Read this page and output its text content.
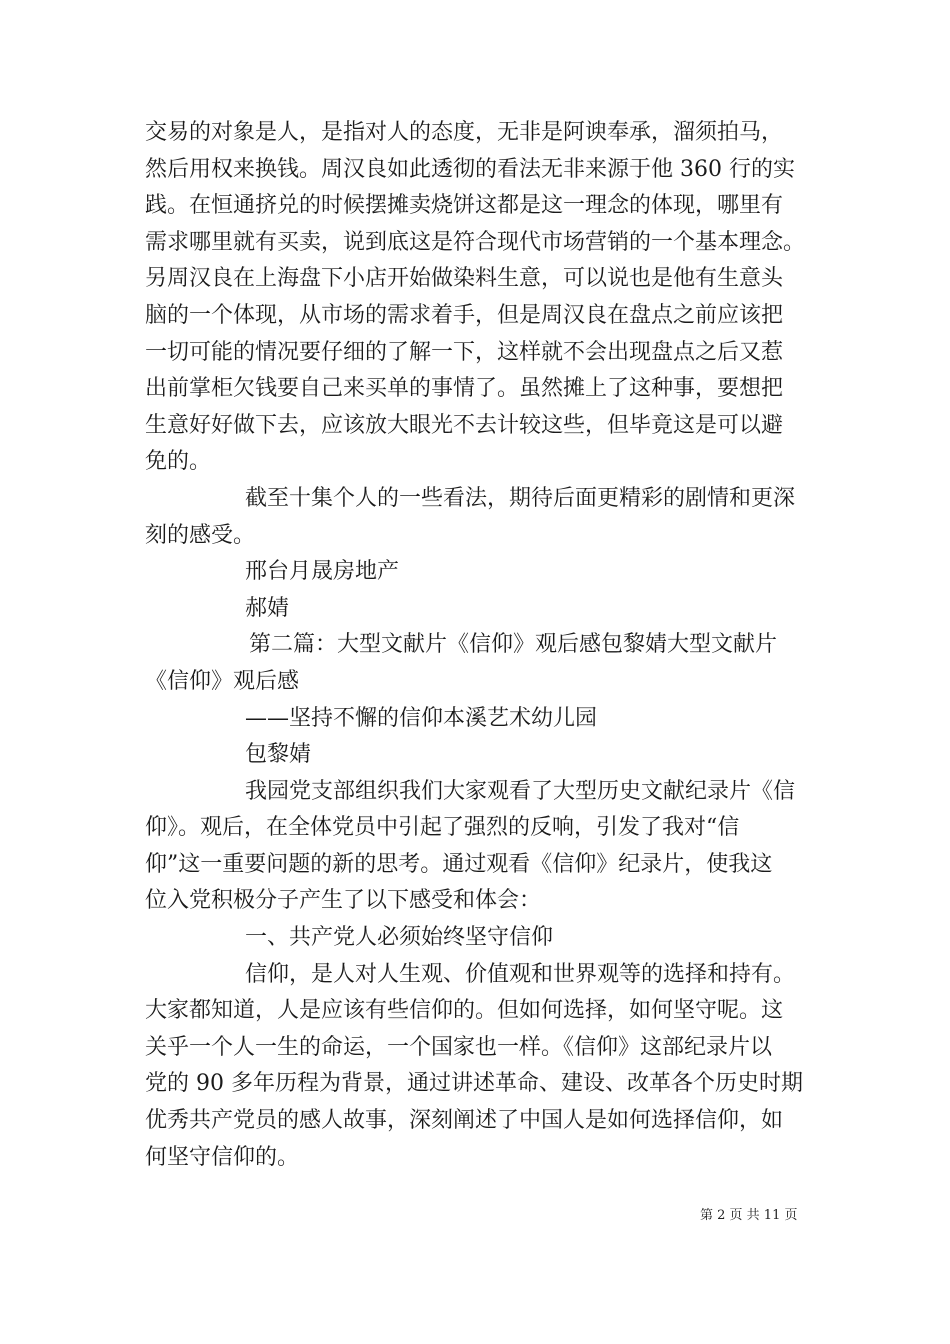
交易的对象是人，是指对人的态度，无非是阿谀奉承，溜须拍马，
然后用权来换钱。周汉良如此透彻的看法无非来源于他 360 行的实
践。在恒通挤兑的时候摆摊卖烧饼这都是这一理念的体现，哪里有
需求哪里就有买卖，说到底这是符合现代市场营销的一个基本理念。
另周汉良在上海盘下小店开始做染料生意，可以说也是他有生意头
脑的一个体现，从市场的需求着手，但是周汉良在盘点之前应该把
一切可能的情况要仔细的了解一下，这样就不会出现盘点之后又惹
出前掌柜欠钱要自己来买单的事情了。虽然摊上了这种事，要想把
生意好好做下去，应该放大眼光不去计较这些，但毕竟这是可以避
免的。
截至十集个人的一些看法，期待后面更精彩的剧情和更深
刻的感受。
邢台月晟房地产
郝婧
第二篇：大型文献片《信仰》观后感包黎婧大型文献片
《信仰》观后感
——坚持不懈的信仰本溪艺术幼儿园
包黎婧
我园党支部组织我们大家观看了大型历史文献纪录片《信
仰》。观后，在全体党员中引起了强烈的反响，引发了我对“信
仰”这一重要问题的新的思考。通过观看《信仰》纪录片，使我这
位入党积极分子产生了以下感受和体会：
一、共产党人必须始终坚守信仰
信仰，是人对人生观、价值观和世界观等的选择和持有。
大家都知道，人是应该有些信仰的。但如何选择，如何坚守呢。这
关乎一个人一生的命运，一个国家也一样。《信仰》这部纪录片以
党的 90 多年历程为背景，通过讲述革命、建设、改革各个历史时期
优秀共产党员的感人故事，深刻阐述了中国人是如何选择信仰，如
何坚守信仰的。
第 2 页 共 11 页
